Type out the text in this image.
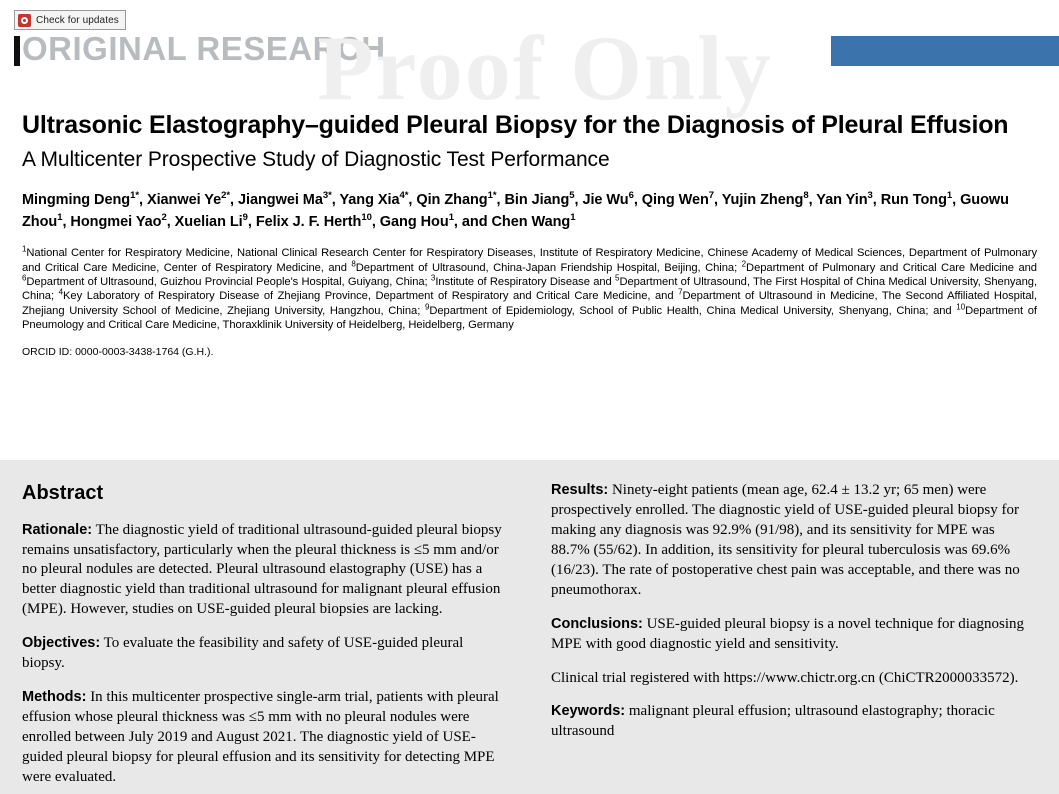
Check for updates
ORIGINAL RESEARCH
Proof Only
Ultrasonic Elastography–guided Pleural Biopsy for the Diagnosis of Pleural Effusion
A Multicenter Prospective Study of Diagnostic Test Performance
Mingming Deng$^{1*}$, Xianwei $Ye^{2*}$, Jiangwei $Ma^{3*}$, Yang Xia$^{4*}$, Qin Zhang$^{1*}$, Bin Jiang$^5$, Jie Wu$^6$, Qing Wen$^7$, Yujin Zheng$^8$, Yan Yin$^3$, Run Tong$^1$, Guowu Zhou$^1$, Hongmei Yao$^2$, Xuelian Li$^9$, Felix J. F. Herth$^{10}$, Gang Hou$^1$, and Chen Wang$^1$
$^1$National Center for Respiratory Medicine, National Clinical Research Center for Respiratory Diseases, Institute of Respiratory Medicine, Chinese Academy of Medical Sciences, Department of Pulmonary and Critical Care Medicine, Center of Respiratory Medicine, and $^8$Department of Ultrasound, China-Japan Friendship Hospital, Beijing, China; $^2$Department of Pulmonary and Critical Care Medicine and $^6$Department of Ultrasound, Guizhou Provincial People's Hospital, Guiyang, China; $^3$Institute of Respiratory Disease and $^5$Department of Ultrasound, The First Hospital of China Medical University, Shenyang, China; $^4$Key Laboratory of Respiratory Disease of Zhejiang Province, Department of Respiratory and Critical Care Medicine, and $^7$Department of Ultrasound in Medicine, The Second Affiliated Hospital, Zhejiang University School of Medicine, Zhejiang University, Hangzhou, China; $^9$Department of Epidemiology, School of Public Health, China Medical University, Shenyang, China; and $^{10}$Department of Pneumology and Critical Care Medicine, Thoraxklinik University of Heidelberg, Heidelberg, Germany
ORCID ID: 0000-0003-3438-1764 (G.H.).
Abstract

Rationale: The diagnostic yield of traditional ultrasound-guided pleural biopsy remains unsatisfactory, particularly when the pleural thickness is ≤5 mm and/or no pleural nodules are detected. Pleural ultrasound elastography (USE) has a better diagnostic yield than traditional ultrasound for malignant pleural effusion (MPE). However, studies on USE-guided pleural biopsies are lacking.

Objectives: To evaluate the feasibility and safety of USE-guided pleural biopsy.

Methods: In this multicenter prospective single-arm trial, patients with pleural effusion whose pleural thickness was ≤5 mm with no pleural nodules were enrolled between July 2019 and August 2021. The diagnostic yield of USE-guided pleural biopsy for pleural effusion and its sensitivity for detecting MPE were evaluated.

Results: Ninety-eight patients (mean age, 62.4 ± 13.2 yr; 65 men) were prospectively enrolled. The diagnostic yield of USE-guided pleural biopsy for making any diagnosis was 92.9% (91/98), and its sensitivity for MPE was 88.7% (55/62). In addition, its sensitivity for pleural tuberculosis was 69.6% (16/23). The rate of postoperative chest pain was acceptable, and there was no pneumothorax.

Conclusions: USE-guided pleural biopsy is a novel technique for diagnosing MPE with good diagnostic yield and sensitivity.

Clinical trial registered with https://www.chictr.org.cn (ChiCTR2000033572).

Keywords: malignant pleural effusion; ultrasound elastography; thoracic ultrasound
